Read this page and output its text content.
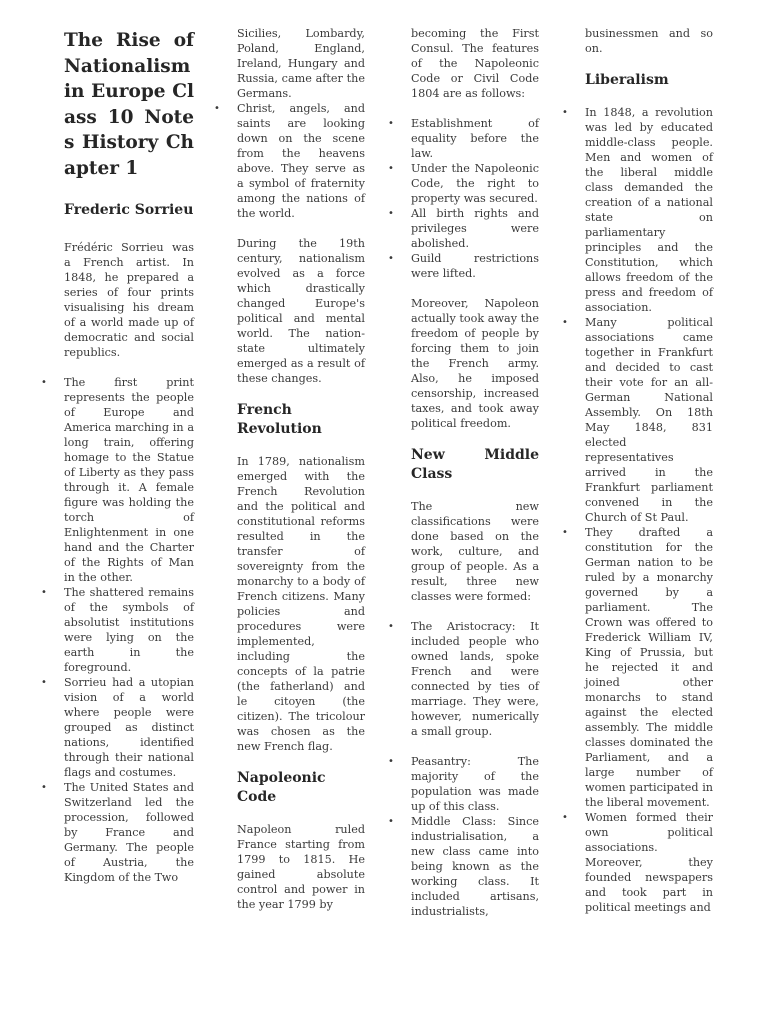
The Rise of Nationalism in Europe Class 10 Notes History Chapter 1
Frederic Sorrieu

Frédéric Sorrieu was a French artist. In 1848, he prepared a series of four prints visualising his dream of a world made up of democratic and social republics.

• The first print represents the people of Europe and America marching in a long train, offering homage to the Statue of Liberty as they pass through it. A female figure was holding the torch of Enlightenment in one hand and the Charter of the Rights of Man in the other.
• The shattered remains of the symbols of absolutist institutions were lying on the earth in the foreground.
• Sorrieu had a utopian vision of a world where people were grouped as distinct nations, identified through their national flags and costumes.
• The United States and Switzerland led the procession, followed by France and Germany. The people of Austria, the Kingdom of the Two

Sicilies, Lombardy, Poland, England, Ireland, Hungary and Russia, came after the Germans.

• Christ, angels, and saints are looking down on the scene from the heavens above. They serve as a symbol of fraternity among the nations of the world.

During the 19th century, nationalism evolved as a force which drastically changed Europe's political and mental world. The nation-state ultimately emerged as a result of these changes.

French Revolution

In 1789, nationalism emerged with the French Revolution and the political and constitutional reforms resulted in the transfer of sovereignty from the monarchy to a body of French citizens. Many policies and procedures were implemented, including the concepts of la patrie (the fatherland) and le citoyen (the citizen). The tricolour was chosen as the new French flag.

Napoleonic Code

Napoleon ruled France starting from 1799 to 1815. He gained absolute control and power in the year 1799 by

becoming the First Consul. The features of the Napoleonic Code or Civil Code 1804 are as follows:

• Establishment of equality before the law.
• Under the Napoleonic Code, the right to property was secured.
• All birth rights and privileges were abolished.
• Guild restrictions were lifted.

Moreover, Napoleon actually took away the freedom of people by forcing them to join the French army. Also, he imposed censorship, increased taxes, and took away political freedom.

New Middle Class

The new classifications were done based on the work, culture, and group of people. As a result, three new classes were formed:

• The Aristocracy: It included people who owned lands, spoke French and were connected by ties of marriage. They were, however, numerically a small group.
• Peasantry: The majority of the population was made up of this class.
• Middle Class: Since industrialisation, a new class came into being known as the working class. It included artisans, industrialists,

businessmen and so on.

Liberalism
• In 1848, a revolution was led by educated middle-class people. Men and women of the liberal middle class demanded the creation of a national state on parliamentary principles and the Constitution, which allows freedom of the press and freedom of association.
• Many political associations came together in Frankfurt and decided to cast their vote for an all-German National Assembly. On 18th May 1848, 831 elected representatives arrived in the Frankfurt parliament convened in the Church of St Paul.
• They drafted a constitution for the German nation to be ruled by a monarchy governed by a parliament. The Crown was offered to Frederick William IV, King of Prussia, but he rejected it and joined other monarchs to stand against the elected assembly. The middle classes dominated the Parliament, and a large number of women participated in the liberal movement.
• Women formed their own political associations. Moreover, they founded newspapers and took part in political meetings and
